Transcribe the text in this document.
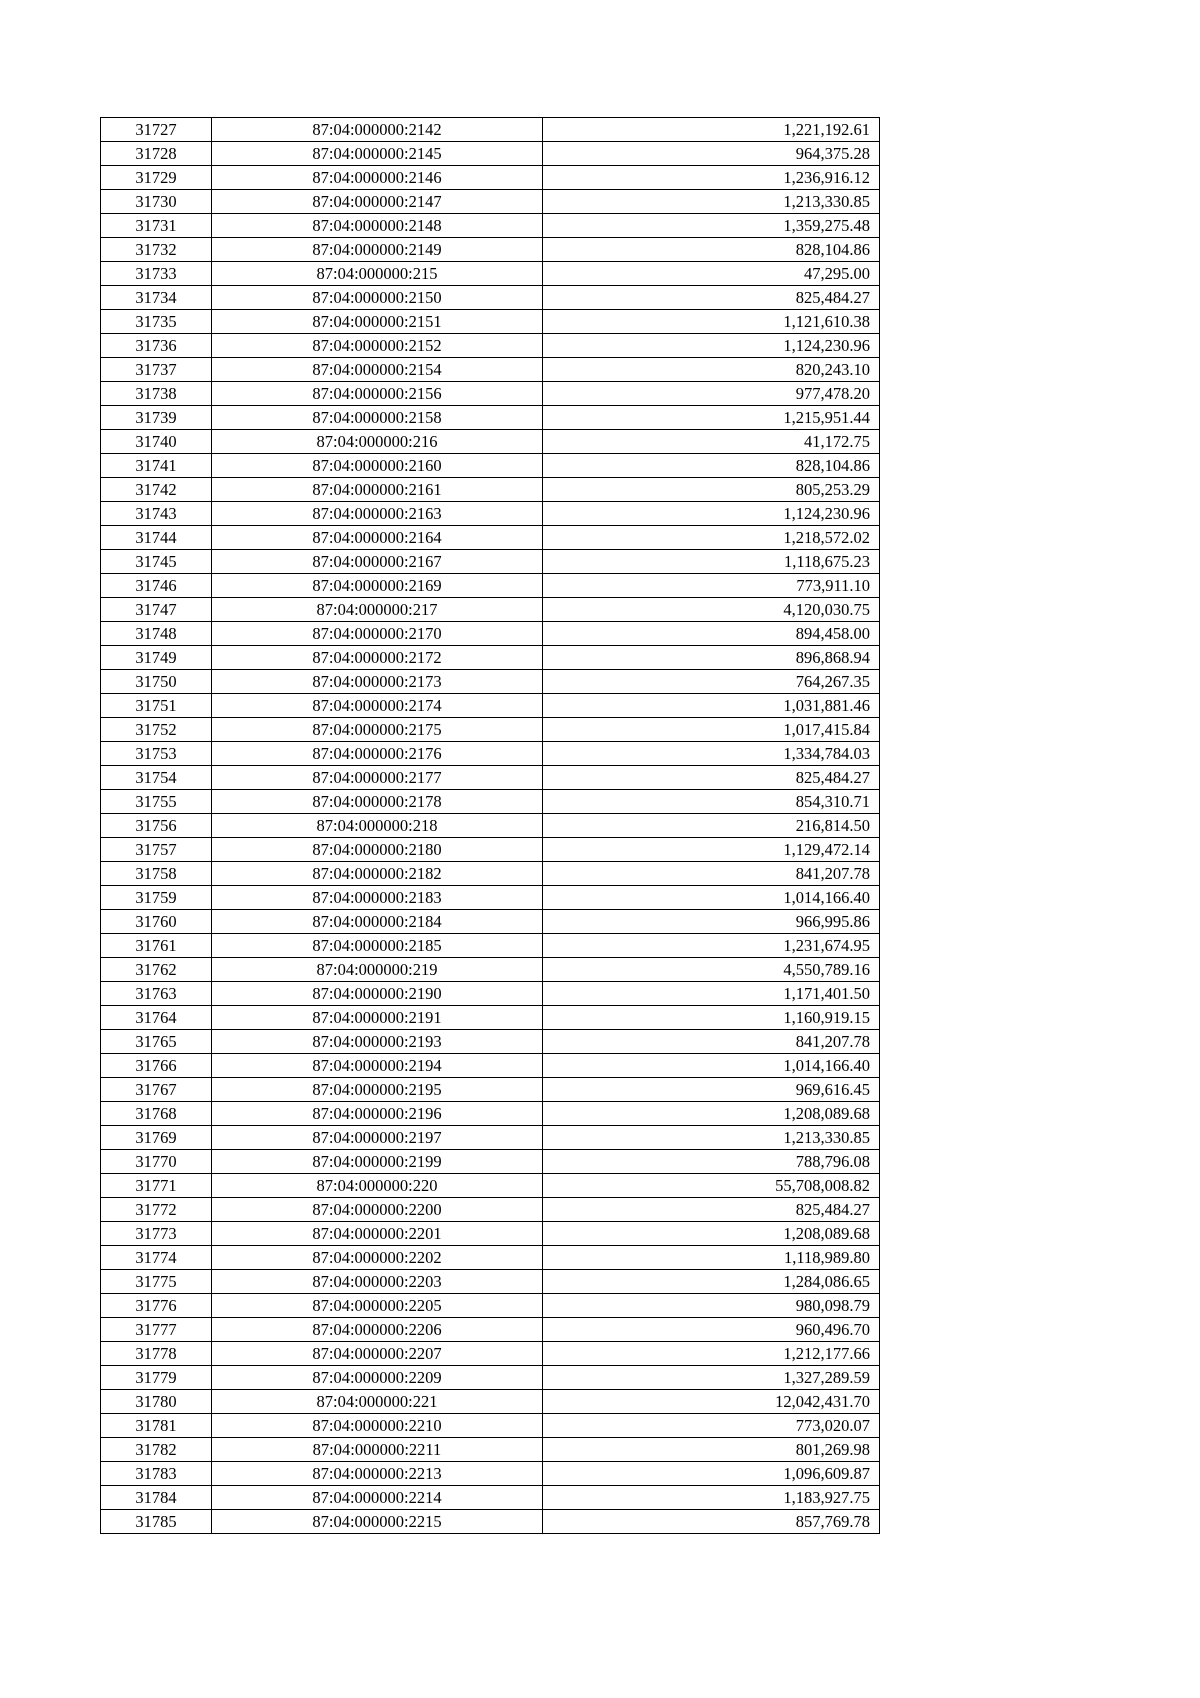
31727	87:04:000000:2142	1,221,192.61
31728	87:04:000000:2145	964,375.28
31729	87:04:000000:2146	1,236,916.12
31730	87:04:000000:2147	1,213,330.85
31731	87:04:000000:2148	1,359,275.48
31732	87:04:000000:2149	828,104.86
31733	87:04:000000:215	47,295.00
31734	87:04:000000:2150	825,484.27
31735	87:04:000000:2151	1,121,610.38
31736	87:04:000000:2152	1,124,230.96
31737	87:04:000000:2154	820,243.10
31738	87:04:000000:2156	977,478.20
31739	87:04:000000:2158	1,215,951.44
31740	87:04:000000:216	41,172.75
31741	87:04:000000:2160	828,104.86
31742	87:04:000000:2161	805,253.29
31743	87:04:000000:2163	1,124,230.96
31744	87:04:000000:2164	1,218,572.02
31745	87:04:000000:2167	1,118,675.23
31746	87:04:000000:2169	773,911.10
31747	87:04:000000:217	4,120,030.75
31748	87:04:000000:2170	894,458.00
31749	87:04:000000:2172	896,868.94
31750	87:04:000000:2173	764,267.35
31751	87:04:000000:2174	1,031,881.46
31752	87:04:000000:2175	1,017,415.84
31753	87:04:000000:2176	1,334,784.03
31754	87:04:000000:2177	825,484.27
31755	87:04:000000:2178	854,310.71
31756	87:04:000000:218	216,814.50
31757	87:04:000000:2180	1,129,472.14
31758	87:04:000000:2182	841,207.78
31759	87:04:000000:2183	1,014,166.40
31760	87:04:000000:2184	966,995.86
31761	87:04:000000:2185	1,231,674.95
31762	87:04:000000:219	4,550,789.16
31763	87:04:000000:2190	1,171,401.50
31764	87:04:000000:2191	1,160,919.15
31765	87:04:000000:2193	841,207.78
31766	87:04:000000:2194	1,014,166.40
31767	87:04:000000:2195	969,616.45
31768	87:04:000000:2196	1,208,089.68
31769	87:04:000000:2197	1,213,330.85
31770	87:04:000000:2199	788,796.08
31771	87:04:000000:220	55,708,008.82
31772	87:04:000000:2200	825,484.27
31773	87:04:000000:2201	1,208,089.68
31774	87:04:000000:2202	1,118,989.80
31775	87:04:000000:2203	1,284,086.65
31776	87:04:000000:2205	980,098.79
31777	87:04:000000:2206	960,496.70
31778	87:04:000000:2207	1,212,177.66
31779	87:04:000000:2209	1,327,289.59
31780	87:04:000000:221	12,042,431.70
31781	87:04:000000:2210	773,020.07
31782	87:04:000000:2211	801,269.98
31783	87:04:000000:2213	1,096,609.87
31784	87:04:000000:2214	1,183,927.75
31785	87:04:000000:2215	857,769.78
